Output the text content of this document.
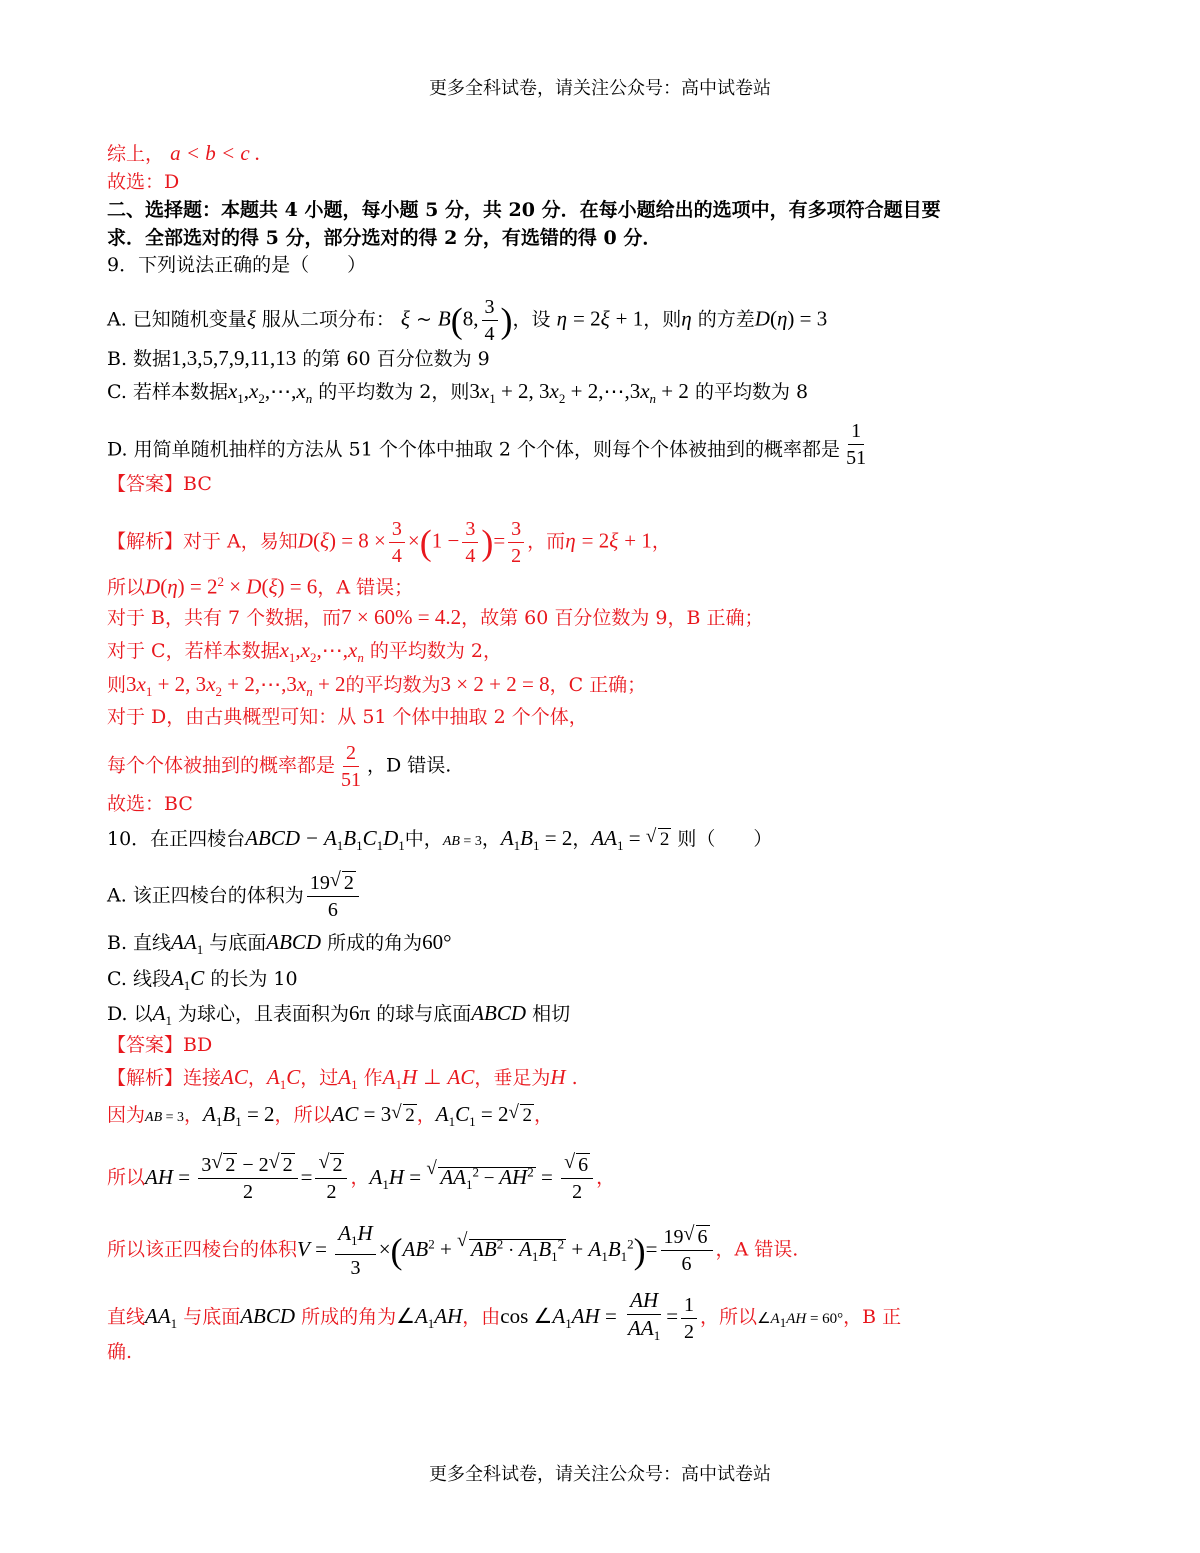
更多全科试卷，请关注公众号：高中试卷站
综上， a < b < c .
故选：D
二、选择题：本题共 4 小题，每小题 5 分，共 20 分．在每小题给出的选项中，有多项符合题目要
求．全部选对的得 5 分，部分选对的得 2 分，有选错的得 0 分．
9．下列说法正确的是（　　）
A. 已知随机变量ξ 服从二项分布： ξ ~ B(8, $\frac{3}{4}$ )，设 η = 2ξ + 1，则η 的方差D(η) = 3
B. 数据1,3,5,7,9,11,13 的第 60 百分位数为 9
C. 若样本数据$x_1,x_2,\cdots,x_n$ 的平均数为 2，则$3x_1 + 2$, $3x_2$ + $2,\cdots,3x_n + 2$ 的平均数为 8
D. 用简单随机抽样的方法从 51 个个体中抽取 2 个个体，则每个个体被抽到的概率都是 $\frac{1}{51}$
【答案】BC
【解析】对于 A，易知$D(\xi) = 8 \times \frac{3}{4} \times(1 - \frac{3}{4}$ )= $\frac{3}{2}$ ，而η = 2ξ + 1，
所以$D(\eta) = 2^2 \times D(\xi) = 6$，A 错误；
对于 B，共有 7 个数据，而7 × 60% = 4.2，故第 60 百分位数为 9，B 正确；
对于 C，若样本数据$x_1,x_2,\cdots,x_n$ 的平均数为 2，
则$3x_1 + 2$, $3x_2$ + $2,\cdots,3x_n + 2$的平均数为3 × 2 + 2 = 8，C 正确；
对于 D，由古典概型可知：从 51 个体中抽取 2 个个体，
每个个体被抽到的概率都是 $\frac{2}{51}$ ，D 错误.
故选：BC
10．在正四棱台ABCD − $A_1B_1C_1D_1$中，AB = 3，$A_1B_1 = 2$，$AA_1$ = √ 2 则（　　）
A. 该正四棱台的体积为 $\frac{19√ 2}{6}$
B. 直线$AA_1$ 与底面ABCD 所成的角为60°
C. 线段$A_1C$ 的长为 10
D. 以$A_1$ 为球心，且表面积为6π 的球与底面ABCD 相切
【答案】BD
【解析】连接AC，$A_1C$，过$A_1$ 作$A_1H$ ⊥ AC，垂足为H .
因为AB = 3，$A_1B_1 = 2$，所以AC = 3√ 2 ，$A_1C_1 = 2√$ 2 ，
所以AH = $\frac{3√ 2 - 2√ 2}{2}$ =
√ $\frac{2}{2}$ ，$A_1H$ = √ $AA_1^2 - AH^2$ =
√ $\frac{6}{2}$ ，
所以该正四棱台的体积$V = \frac{A_1H}{3} \times(AB^2$ + √ $AB^2 \cdot A_1B_1^2 + A_1B_1^2)= \frac{19√ 6}{6}$ ，A 错误.
直线$AA_1$ 与底面ABCD 所成的角为$\angle A_1AH$，由$\cos \angle A_1AH = \frac{AH}{AA_1} = \frac{1}{2}$ ，所以$\angle A_1AH = 60^\circ$，B 正
确.
更多全科试卷，请关注公众号：高中试卷站
